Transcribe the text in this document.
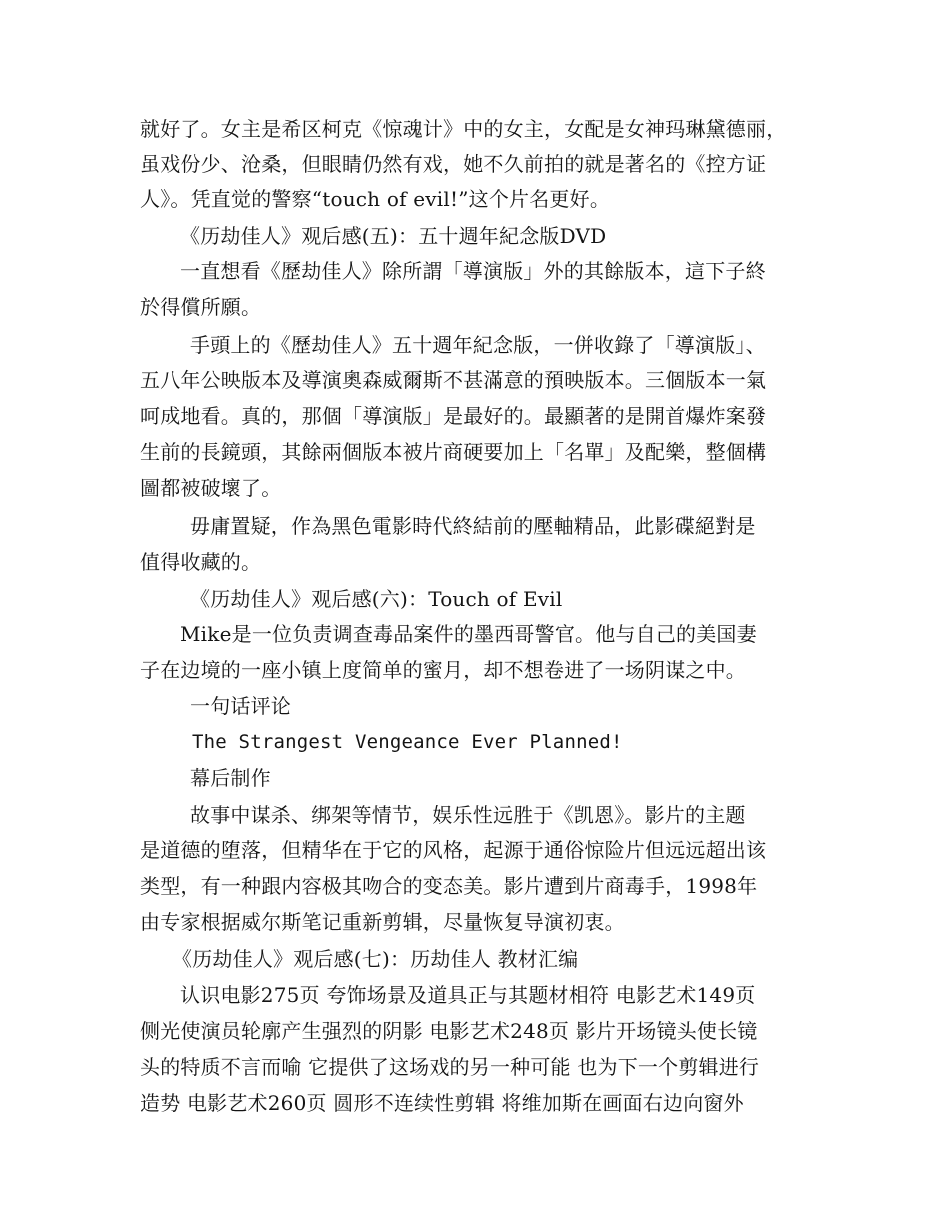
就好了。女主是希区柯克《惊魂计》中的女主，女配是女神玛琳黛德丽，
虽戏份少、沧桑，但眼睛仍然有戏，她不久前拍的就是著名的《控方证
人》。凭直觉的警察“touch of evil!”这个片名更好。
《历劫佳人》观后感(五)：五十週年紀念版DVD
一直想看《歷劫佳人》除所謂「導演版」外的其餘版本，這下子終
於得償所願。
手頭上的《歷劫佳人》五十週年紀念版，一併收錄了「導演版」、
五八年公映版本及導演奧森威爾斯不甚滿意的預映版本。三個版本一氣
呵成地看。真的，那個「導演版」是最好的。最顯著的是開首爆炸案發
生前的長鏡頭，其餘兩個版本被片商硬要加上「名單」及配樂，整個構
圖都被破壞了。
毋庸置疑，作為黑色電影時代終結前的壓軸精品，此影碟絕對是
值得收藏的。
《历劫佳人》观后感(六)：Touch of Evil
Mike是一位负责调查毒品案件的墨西哥警官。他与自己的美国妻
子在边境的一座小镇上度简单的蜜月，却不想卷进了一场阴谋之中。
一句话评论
The Strangest Vengeance Ever Planned!
幕后制作
故事中谋杀、绑架等情节，娱乐性远胜于《凯恩》。影片的主题
是道德的堕落，但精华在于它的风格，起源于通俗惊险片但远远超出该
类型，有一种跟内容极其吻合的变态美。影片遭到片商毒手，1998年
由专家根据威尔斯笔记重新剪辑，尽量恢复导演初衷。
《历劫佳人》观后感(七)：历劫佳人 教材汇编
认识电影275页 夸饰场景及道具正与其题材相符 电影艺术149页
侧光使演员轮廓产生强烈的阴影 电影艺术248页 影片开场镜头使长镜
头的特质不言而喻 它提供了这场戏的另一种可能 也为下一个剪辑进行
造势 电影艺术260页 圆形不连续性剪辑 将维加斯在画面右边向窗外
